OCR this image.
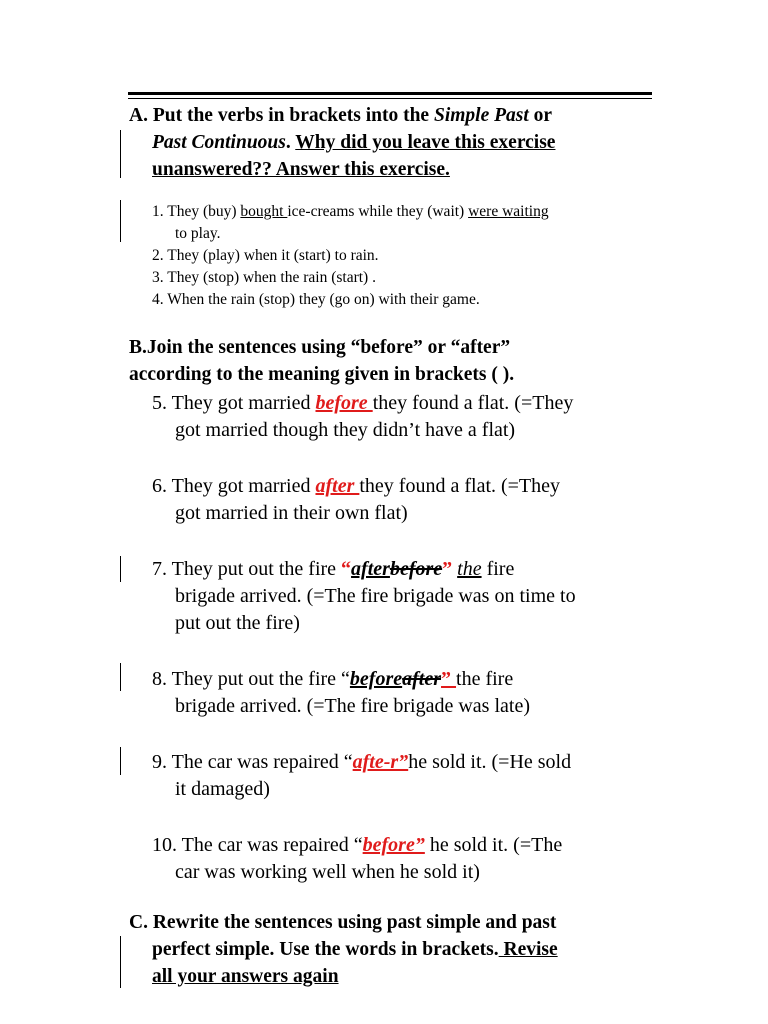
A. Put the verbs in brackets into the Simple Past or
Past Continuous. Why did you leave this exercise
unanswered?? Answer this exercise.
1. They (buy) bought ice-creams while they (wait) were waiting
to play.
2. They (play) when it (start) to rain.
3. They (stop) when the rain (start) .
4. When the rain (stop) they (go on) with their game.
B.Join the sentences using “before” or “after”
according to the meaning given in brackets ( ).
5. They got married before they found a flat. (=They
got married though they didn’t have a flat)
6. They got married after they found a flat. (=They
got married in their own flat)
7. They put out the fire “afterbefore” the fire
brigade arrived. (=The fire brigade was on time to
put out the fire)
8. They put out the fire “beforeafter” the fire
brigade arrived. (=The fire brigade was late)
9. The car was repaired “afte-r”he sold it. (=He sold
it damaged)
10. The car was repaired “before” he sold it. (=The
car was working well when he sold it)
C. Rewrite the sentences using past simple and past
perfect simple. Use the words in brackets. Revise
all your answers again
